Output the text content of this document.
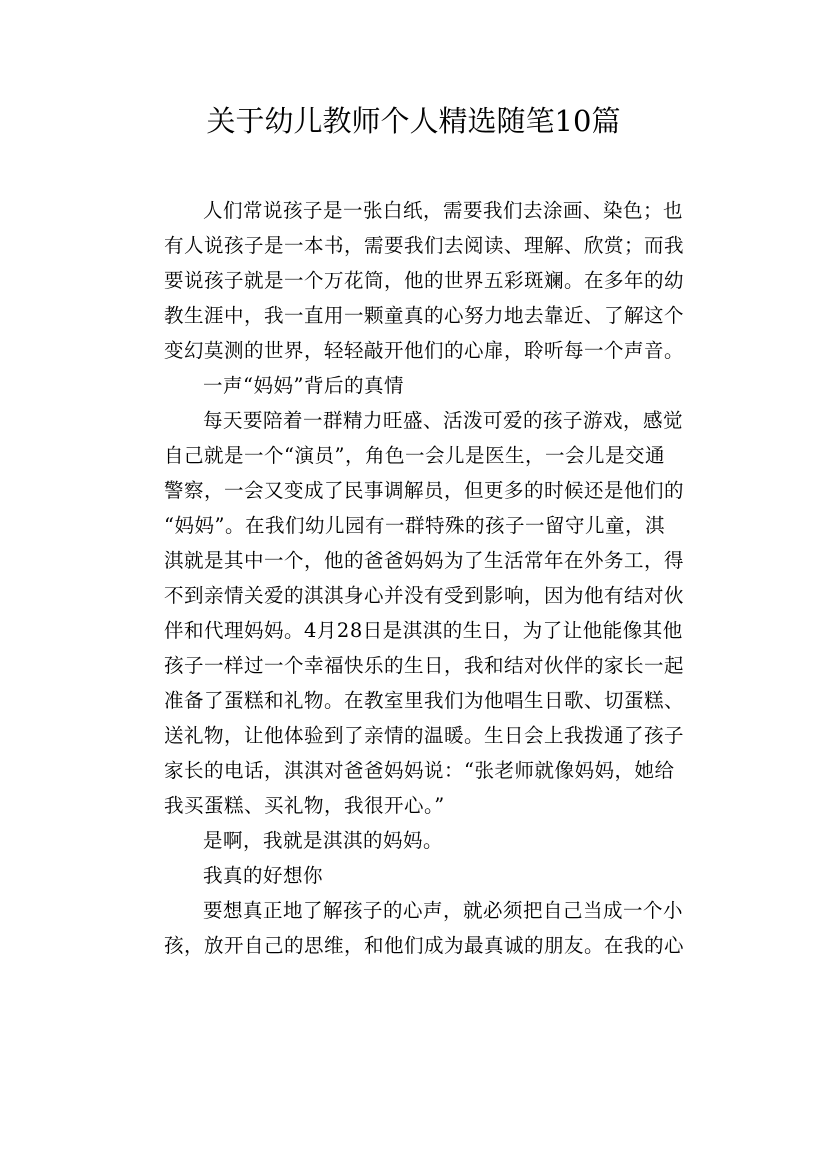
关于幼儿教师个人精选随笔10篇
人们常说孩子是一张白纸，需要我们去涂画、染色；也
有人说孩子是一本书，需要我们去阅读、理解、欣赏；而我
要说孩子就是一个万花筒，他的世界五彩斑斓。在多年的幼
教生涯中，我一直用一颗童真的心努力地去靠近、了解这个
变幻莫测的世界，轻轻敲开他们的心扉，聆听每一个声音。
一声“妈妈”背后的真情
每天要陪着一群精力旺盛、活泼可爱的孩子游戏，感觉
自己就是一个“演员”，角色一会儿是医生，一会儿是交通
警察，一会又变成了民事调解员，但更多的时候还是他们的
“妈妈”。在我们幼儿园有一群特殊的孩子一留守儿童，淇
淇就是其中一个，他的爸爸妈妈为了生活常年在外务工，得
不到亲情关爱的淇淇身心并没有受到影响，因为他有结对伙
伴和代理妈妈。4月28日是淇淇的生日，为了让他能像其他
孩子一样过一个幸福快乐的生日，我和结对伙伴的家长一起
准备了蛋糕和礼物。在教室里我们为他唱生日歌、切蛋糕、
送礼物，让他体验到了亲情的温暖。生日会上我拨通了孩子
家长的电话，淇淇对爸爸妈妈说：“张老师就像妈妈，她给
我买蛋糕、买礼物，我很开心。”
是啊，我就是淇淇的妈妈。
我真的好想你
要想真正地了解孩子的心声，就必须把自己当成一个小
孩，放开自己的思维，和他们成为最真诚的朋友。在我的心
